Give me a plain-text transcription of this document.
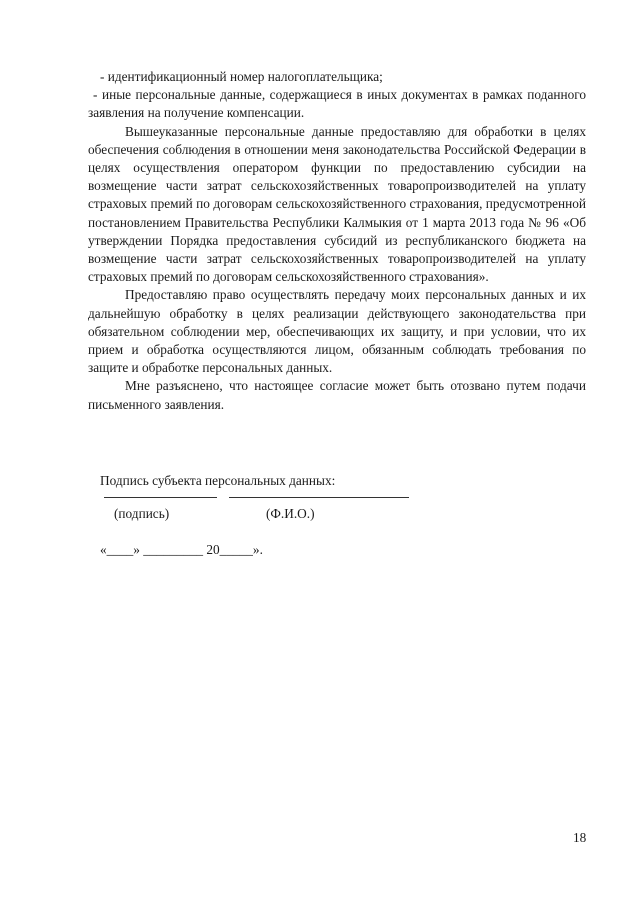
- идентификационный номер налогоплательщика;

- иные персональные данные, содержащиеся в иных документах в рамках поданного заявления на получение компенсации.

Вышеуказанные персональные данные предоставляю для обработки в целях обеспечения соблюдения в отношении меня законодательства Российской Федерации в целях осуществления оператором функции по предоставлению субсидии на возмещение части затрат сельскохозяйственных товаропроизводителей на уплату страховых премий по договорам сельскохозяйственного страхования, предусмотренной постановлением Правительства Республики Калмыкия от 1 марта 2013 года № 96 «Об утверждении Порядка предоставления субсидий из республиканского бюджета на возмещение части затрат сельскохозяйственных товаропроизводителей на уплату страховых премий по договорам сельскохозяйственного страхования».

Предоставляю право осуществлять передачу моих персональных данных и их дальнейшую обработку в целях реализации действующего законодательства при обязательном соблюдении мер, обеспечивающих их защиту, и при условии, что их прием и обработка осуществляются лицом, обязанным соблюдать требования по защите и обработке персональных данных.

Мне разъяснено, что настоящее согласие может быть отозвано путем подачи письменного заявления.

Подпись субъекта персональных данных:
(подпись)	(Ф.И.О.)
«____» _________ 20_____».
18
